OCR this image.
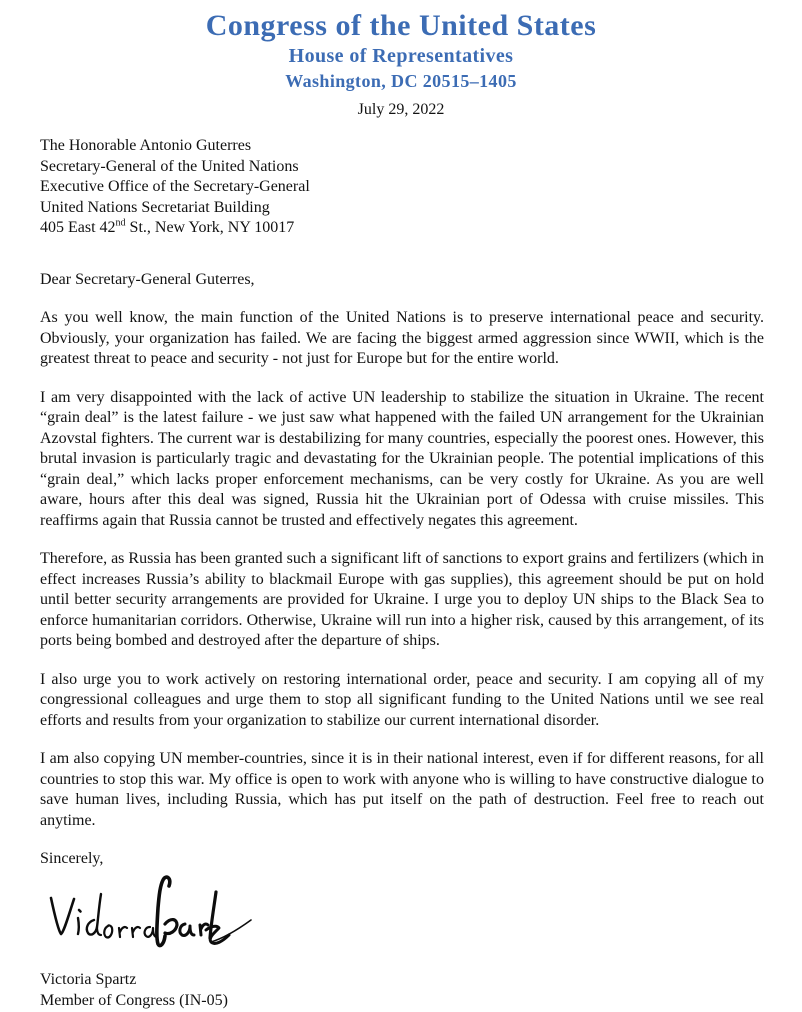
Congress of the United States
House of Representatives
Washington, DC 20515–1405
July 29, 2022
The Honorable Antonio Guterres
Secretary-General of the United Nations
Executive Office of the Secretary-General
United Nations Secretariat Building
405 East 42nd St., New York, NY 10017
Dear Secretary-General Guterres,

As you well know, the main function of the United Nations is to preserve international peace and security. Obviously, your organization has failed. We are facing the biggest armed aggression since WWII, which is the greatest threat to peace and security - not just for Europe but for the entire world.

I am very disappointed with the lack of active UN leadership to stabilize the situation in Ukraine. The recent “grain deal” is the latest failure - we just saw what happened with the failed UN arrangement for the Ukrainian Azovstal fighters. The current war is destabilizing for many countries, especially the poorest ones. However, this brutal invasion is particularly tragic and devastating for the Ukrainian people. The potential implications of this “grain deal,” which lacks proper enforcement mechanisms, can be very costly for Ukraine. As you are well aware, hours after this deal was signed, Russia hit the Ukrainian port of Odessa with cruise missiles. This reaffirms again that Russia cannot be trusted and effectively negates this agreement.

Therefore, as Russia has been granted such a significant lift of sanctions to export grains and fertilizers (which in effect increases Russia’s ability to blackmail Europe with gas supplies), this agreement should be put on hold until better security arrangements are provided for Ukraine. I urge you to deploy UN ships to the Black Sea to enforce humanitarian corridors. Otherwise, Ukraine will run into a higher risk, caused by this arrangement, of its ports being bombed and destroyed after the departure of ships.

I also urge you to work actively on restoring international order, peace and security. I am copying all of my congressional colleagues and urge them to stop all significant funding to the United Nations until we see real efforts and results from your organization to stabilize our current international disorder.

I am also copying UN member-countries, since it is in their national interest, even if for different reasons, for all countries to stop this war. My office is open to work with anyone who is willing to have constructive dialogue to save human lives, including Russia, which has put itself on the path of destruction. Feel free to reach out anytime.

Sincerely,
Victoria Spartz
Member of Congress (IN-05)
